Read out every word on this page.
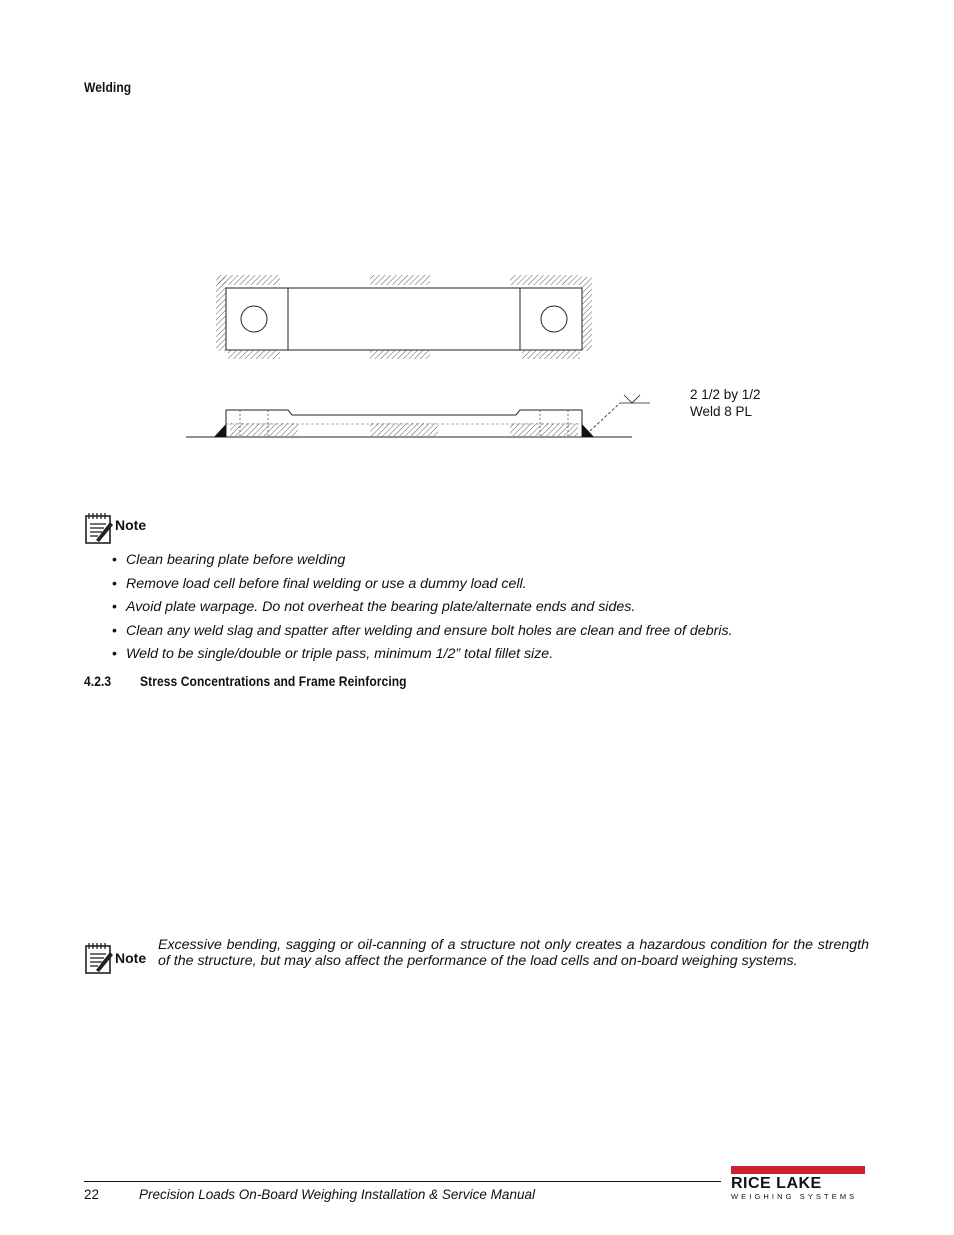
Welding
2 1/2 by 1/2
Weld 8 PL
Note
• Clean bearing plate before welding
• Remove load cell before final welding or use a dummy load cell.
• Avoid plate warpage. Do not overheat the bearing plate/alternate ends and sides.
• Clean any weld slag and spatter after welding and ensure bolt holes are clean and free of debris.
• Weld to be single/double or triple pass, minimum 1/2” total fillet size.
4.2.3 Stress Concentrations and Frame Reinforcing
Note
Excessive bending, sagging or oil-canning of a structure not only creates a hazardous condition for the strength of the structure, but may also affect the performance of the load cells and on-board weighing systems.
22	Precision Loads On-Board Weighing Installation & Service Manual
RICE LAKE
WEIGHING SYSTEMS
